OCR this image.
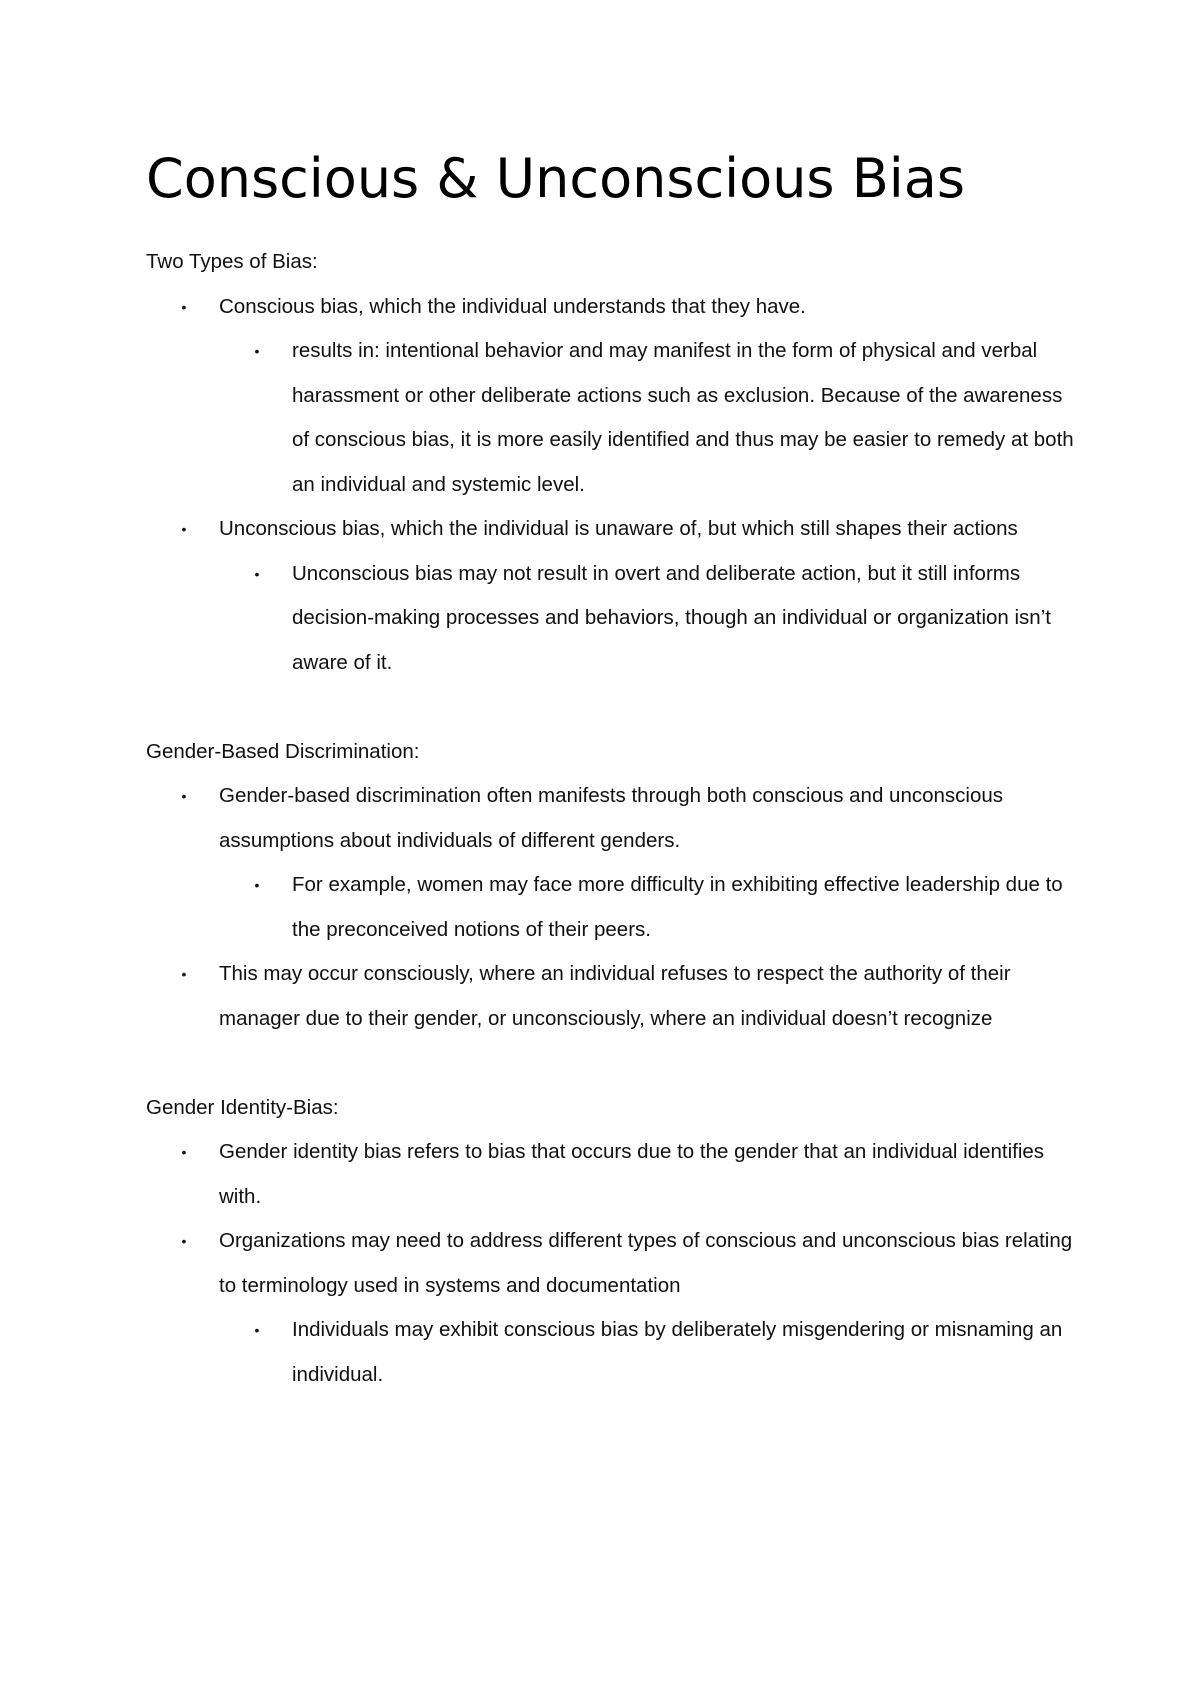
Conscious & Unconscious Bias

Two Types of Bias:

• Conscious bias, which the individual understands that they have.
• results in: intentional behavior and may manifest in the form of physical and verbal harassment or other deliberate actions such as exclusion. Because of the awareness of conscious bias, it is more easily identified and thus may be easier to remedy at both an individual and systemic level.
• Unconscious bias, which the individual is unaware of, but which still shapes their actions
• Unconscious bias may not result in overt and deliberate action, but it still informs decision-making processes and behaviors, though an individual or organization isn’t aware of it.

Gender-Based Discrimination:

• Gender-based discrimination often manifests through both conscious and unconscious assumptions about individuals of different genders.
• For example, women may face more difficulty in exhibiting effective leadership due to the preconceived notions of their peers.
• This may occur consciously, where an individual refuses to respect the authority of their manager due to their gender, or unconsciously, where an individual doesn’t recognize

Gender Identity-Bias:

• Gender identity bias refers to bias that occurs due to the gender that an individual identifies with.
• Organizations may need to address different types of conscious and unconscious bias relating to terminology used in systems and documentation
• Individuals may exhibit conscious bias by deliberately misgendering or misnaming an individual.
